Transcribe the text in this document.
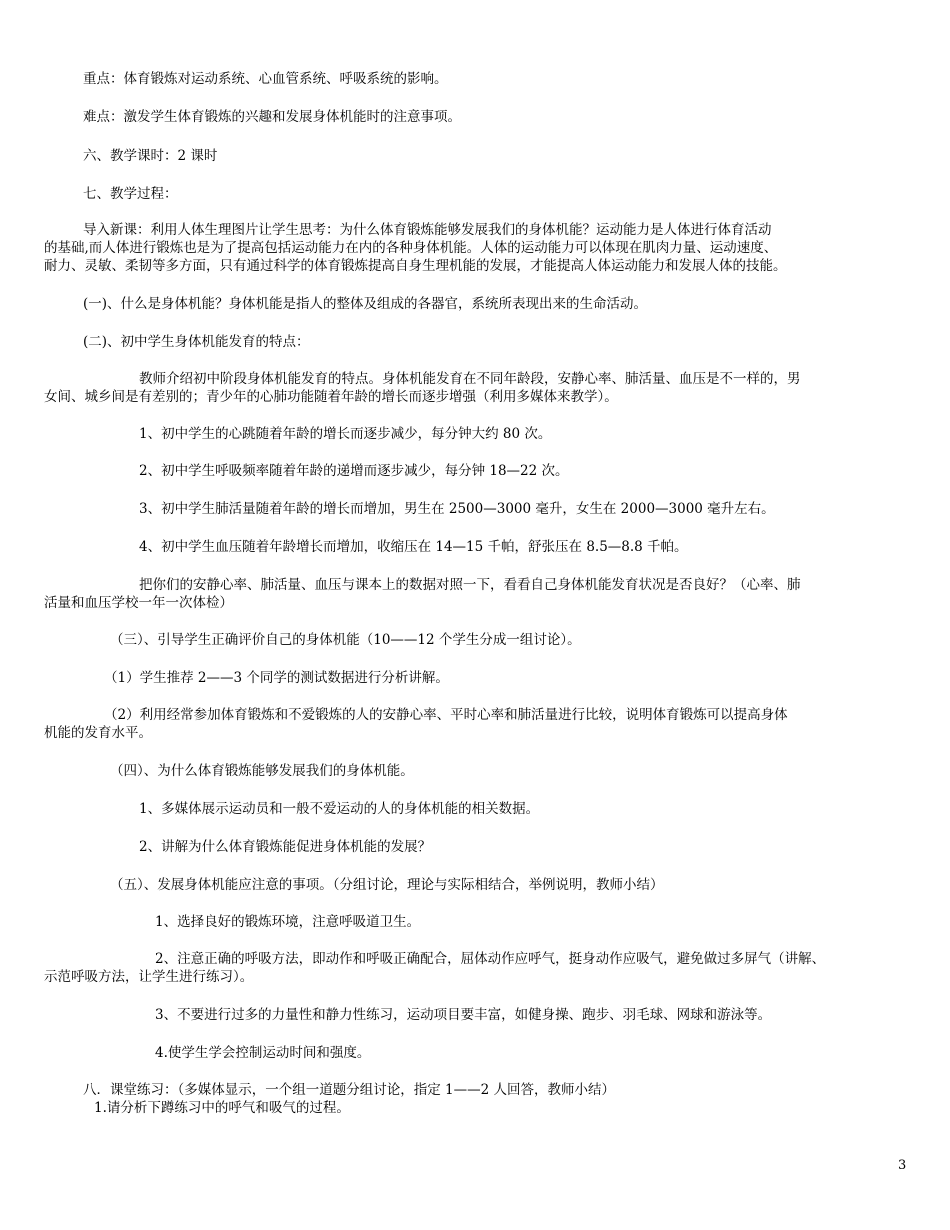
重点：体育锻炼对运动系统、心血管系统、呼吸系统的影响。
难点：激发学生体育锻炼的兴趣和发展身体机能时的注意事项。
六、教学课时：2 课时
七、教学过程：
导入新课：利用人体生理图片让学生思考：为什么体育锻炼能够发展我们的身体机能？运动能力是人体进行体育活动
的基础,而人体进行锻炼也是为了提高包括运动能力在内的各种身体机能。人体的运动能力可以体现在肌肉力量、运动速度、
耐力、灵敏、柔韧等多方面，只有通过科学的体育锻炼提高自身生理机能的发展，才能提高人体运动能力和发展人体的技能。
(一)、什么是身体机能？身体机能是指人的整体及组成的各器官，系统所表现出来的生命活动。
(二)、初中学生身体机能发育的特点：
教师介绍初中阶段身体机能发育的特点。身体机能发育在不同年龄段，安静心率、肺活量、血压是不一样的，男
女间、城乡间是有差别的；青少年的心肺功能随着年龄的增长而逐步增强（利用多媒体来教学）。
1、初中学生的心跳随着年龄的增长而逐步减少，每分钟大约 80 次。
2、初中学生呼吸频率随着年龄的递增而逐步减少，每分钟 18—22 次。
3、初中学生肺活量随着年龄的增长而增加，男生在 2500—3000 毫升，女生在 2000—3000 毫升左右。
4、初中学生血压随着年龄增长而增加，收缩压在 14—15 千帕，舒张压在 8.5—8.8 千帕。
把你们的安静心率、肺活量、血压与课本上的数据对照一下，看看自己身体机能发育状况是否良好？（心率、肺
活量和血压学校一年一次体检）
（三）、引导学生正确评价自己的身体机能（10——12 个学生分成一组讨论）。
（1）学生推荐 2——3 个同学的测试数据进行分析讲解。
（2）利用经常参加体育锻炼和不爱锻炼的人的安静心率、平时心率和肺活量进行比较，说明体育锻炼可以提高身体
机能的发育水平。
（四）、为什么体育锻炼能够发展我们的身体机能。
1、多媒体展示运动员和一般不爱运动的人的身体机能的相关数据。
2、讲解为什么体育锻炼能促进身体机能的发展？
（五）、发展身体机能应注意的事项。（分组讨论，理论与实际相结合，举例说明，教师小结）
1、选择良好的锻炼环境，注意呼吸道卫生。
2、注意正确的呼吸方法，即动作和呼吸正确配合，屈体动作应呼气，挺身动作应吸气，避免做过多屏气（讲解、
示范呼吸方法，让学生进行练习）。
3、不要进行过多的力量性和静力性练习，运动项目要丰富，如健身操、跑步、羽毛球、网球和游泳等。
4.使学生学会控制运动时间和强度。
八．课堂练习：（多媒体显示，一个组一道题分组讨论，指定 1——2 人回答，教师小结）
1.请分析下蹲练习中的呼气和吸气的过程。
3
